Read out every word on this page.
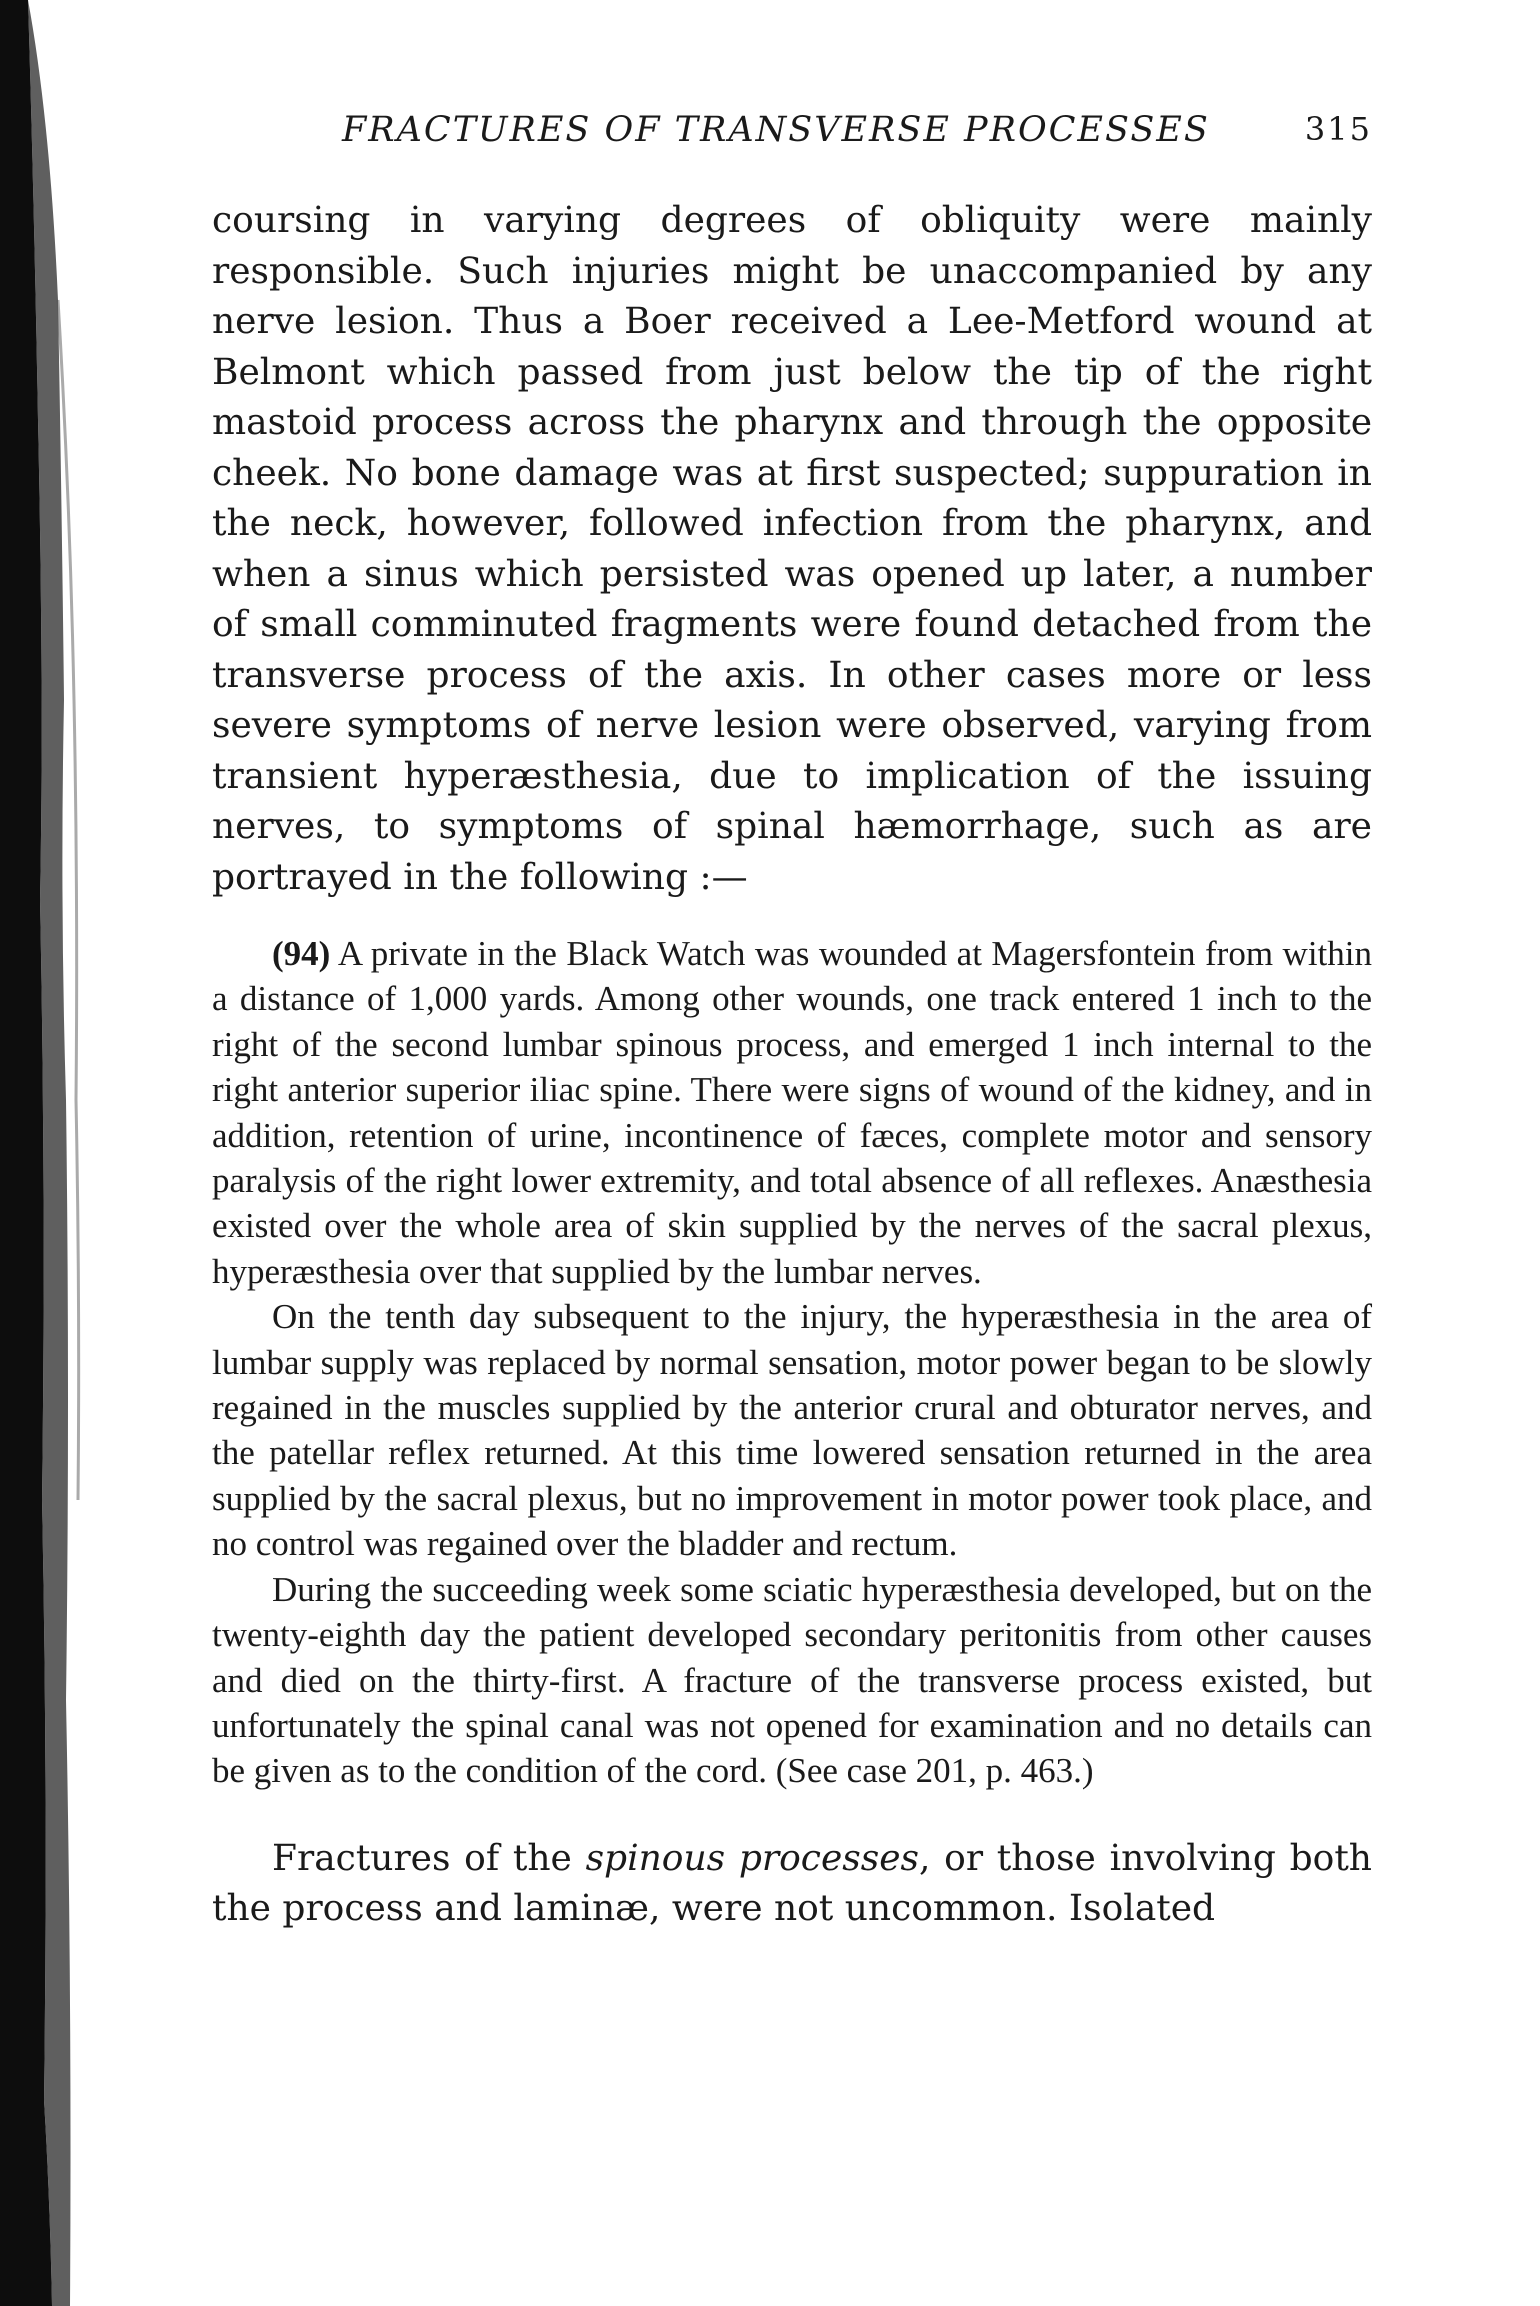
FRACTURES OF TRANSVERSE PROCESSES	315

coursing in varying degrees of obliquity were mainly responsible. Such injuries might be unaccompanied by any nerve lesion. Thus a Boer received a Lee-Metford wound at Belmont which passed from just below the tip of the right mastoid process across the pharynx and through the opposite cheek. No bone damage was at first suspected; suppuration in the neck, however, followed infection from the pharynx, and when a sinus which persisted was opened up later, a number of small comminuted fragments were found detached from the transverse process of the axis. In other cases more or less severe symptoms of nerve lesion were observed, varying from transient hyperæsthesia, due to implication of the issuing nerves, to symptoms of spinal hæmorrhage, such as are portrayed in the following :—

(94) A private in the Black Watch was wounded at Magersfontein from within a distance of 1,000 yards. Among other wounds, one track entered 1 inch to the right of the second lumbar spinous process, and emerged 1 inch internal to the right anterior superior iliac spine. There were signs of wound of the kidney, and in addition, retention of urine, incontinence of fæces, complete motor and sensory paralysis of the right lower extremity, and total absence of all reflexes. Anæsthesia existed over the whole area of skin supplied by the nerves of the sacral plexus, hyperæsthesia over that supplied by the lumbar nerves.

On the tenth day subsequent to the injury, the hyperæsthesia in the area of lumbar supply was replaced by normal sensation, motor power began to be slowly regained in the muscles supplied by the anterior crural and obturator nerves, and the patellar reflex returned. At this time lowered sensation returned in the area supplied by the sacral plexus, but no improvement in motor power took place, and no control was regained over the bladder and rectum.

During the succeeding week some sciatic hyperæsthesia developed, but on the twenty-eighth day the patient developed secondary peritonitis from other causes and died on the thirty-first. A fracture of the transverse process existed, but unfortunately the spinal canal was not opened for examination and no details can be given as to the condition of the cord. (See case 201, p. 463.)

Fractures of the spinous processes, or those involving both the process and laminæ, were not uncommon. Isolated
